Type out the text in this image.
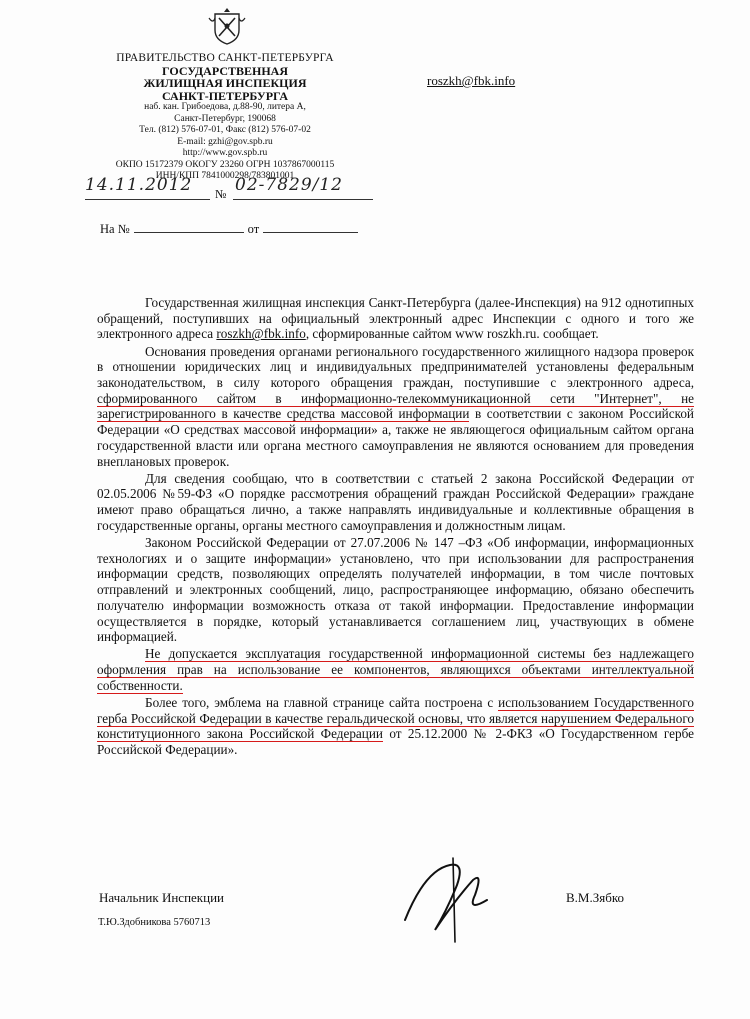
ПРАВИТЕЛЬСТВО САНКТ-ПЕТЕРБУРГА
ГОСУДАРСТВЕННАЯ
ЖИЛИЩНАЯ ИНСПЕКЦИЯ
САНКТ-ПЕТЕРБУРГА
наб. кан. Грибоедова, д.88-90, литера А,
Санкт-Петербург, 190068
Тел. (812) 576-07-01, Факс (812) 576-07-02
E-mail: gzhi@gov.spb.ru
http://www.gov.spb.ru
ОКПО 15172379 ОКОГУ 23260 ОГРН 1037867000115
ИНН/КПП 7841000298/783801001
roszkh@fbk.info
14.11.2012 № 02-7829/12
На №	от

Государственная жилищная инспекция Санкт-Петербурга (далее-Инспекция) на 912 однотипных обращений, поступивших на официальный электронный адрес Инспекции с одного и того же электронного адреса roszkh@fbk.info, сформированные сайтом www roszkh.ru. сообщает.

Основания проведения органами регионального государственного жилищного надзора проверок в отношении юридических лиц и индивидуальных предпринимателей установлены федеральным законодательством, в силу которого обращения граждан, поступившие с электронного адреса, сформированного сайтом в информационно-телекоммуникационной сети "Интернет", не зарегистрированного в качестве средства массовой информации в соответствии с законом Российской Федерации «О средствах массовой информации» а, также не являющегося официальным сайтом органа государственной власти или органа местного самоуправления не являются основанием для проведения внеплановых проверок.

Для сведения сообщаю, что в соответствии с статьей 2 закона Российской Федерации от 02.05.2006 №59-ФЗ «О порядке рассмотрения обращений граждан Российской Федерации» граждане имеют право обращаться лично, а также направлять индивидуальные и коллективные обращения в государственные органы, органы местного самоуправления и должностным лицам.

Законом Российской Федерации от 27.07.2006 № 147 –ФЗ «Об информации, информационных технологиях и о защите информации» установлено, что при использовании для распространения информации средств, позволяющих определять получателей информации, в том числе почтовых отправлений и электронных сообщений, лицо, распространяющее информацию, обязано обеспечить получателю информации возможность отказа от такой информации. Предоставление информации осуществляется в порядке, который устанавливается соглашением лиц, участвующих в обмене информацией.

Не допускается эксплуатация государственной информационной системы без надлежащего оформления прав на использование ее компонентов, являющихся объектами интеллектуальной собственности.

Более того, эмблема на главной странице сайта построена с использованием Государственного герба Российской Федерации в качестве геральдической основы, что является нарушением Федерального конституционного закона Российской Федерации от 25.12.2000 № 2-ФКЗ «О Государственном гербе Российской Федерации».

Начальник Инспекции	В.М.Зябко
Т.Ю.Здобникова 5760713
